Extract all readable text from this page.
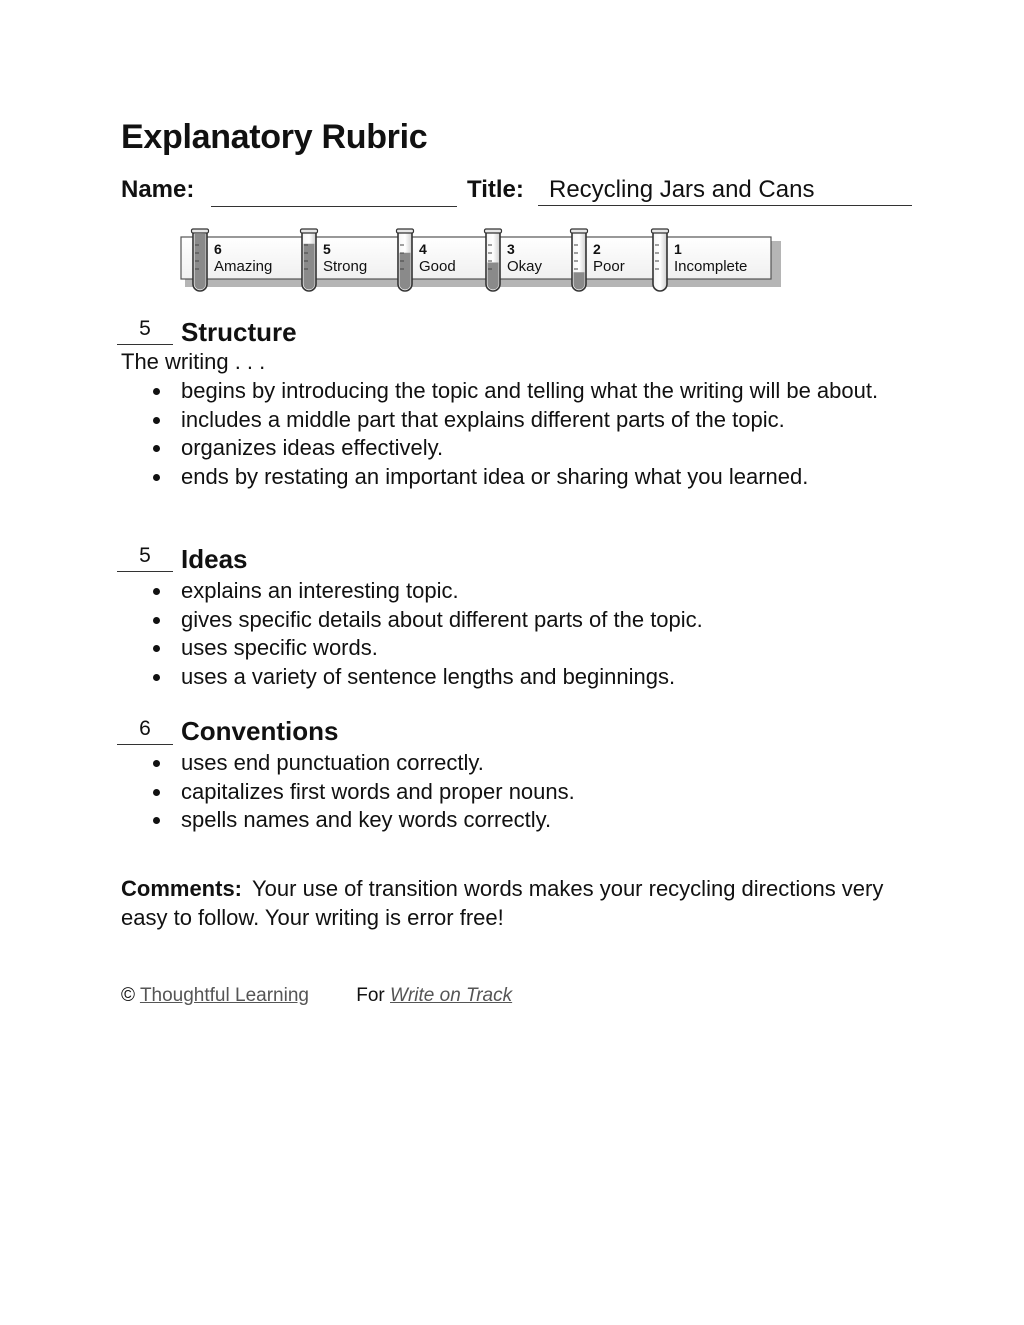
Explanatory Rubric
Name:	Title:	Recycling Jars and Cans
6
Amazing
5
Strong
4
Good
3
Okay
2
Poor
1
Incomplete
5	Structure
The writing . . .
begins by introducing the topic and telling what the writing will be about.
includes a middle part that explains different parts of the topic.
organizes ideas effectively.
ends by restating an important idea or sharing what you learned.
5	Ideas
explains an interesting topic.
gives specific details about different parts of the topic.
uses specific words.
uses a variety of sentence lengths and beginnings.
6	Conventions
uses end punctuation correctly.
capitalizes first words and proper nouns.
spells names and key words correctly.

Comments: Your use of transition words makes your recycling directions very easy to follow. Your writing is error free!

© Thoughtful Learning For Write on Track
